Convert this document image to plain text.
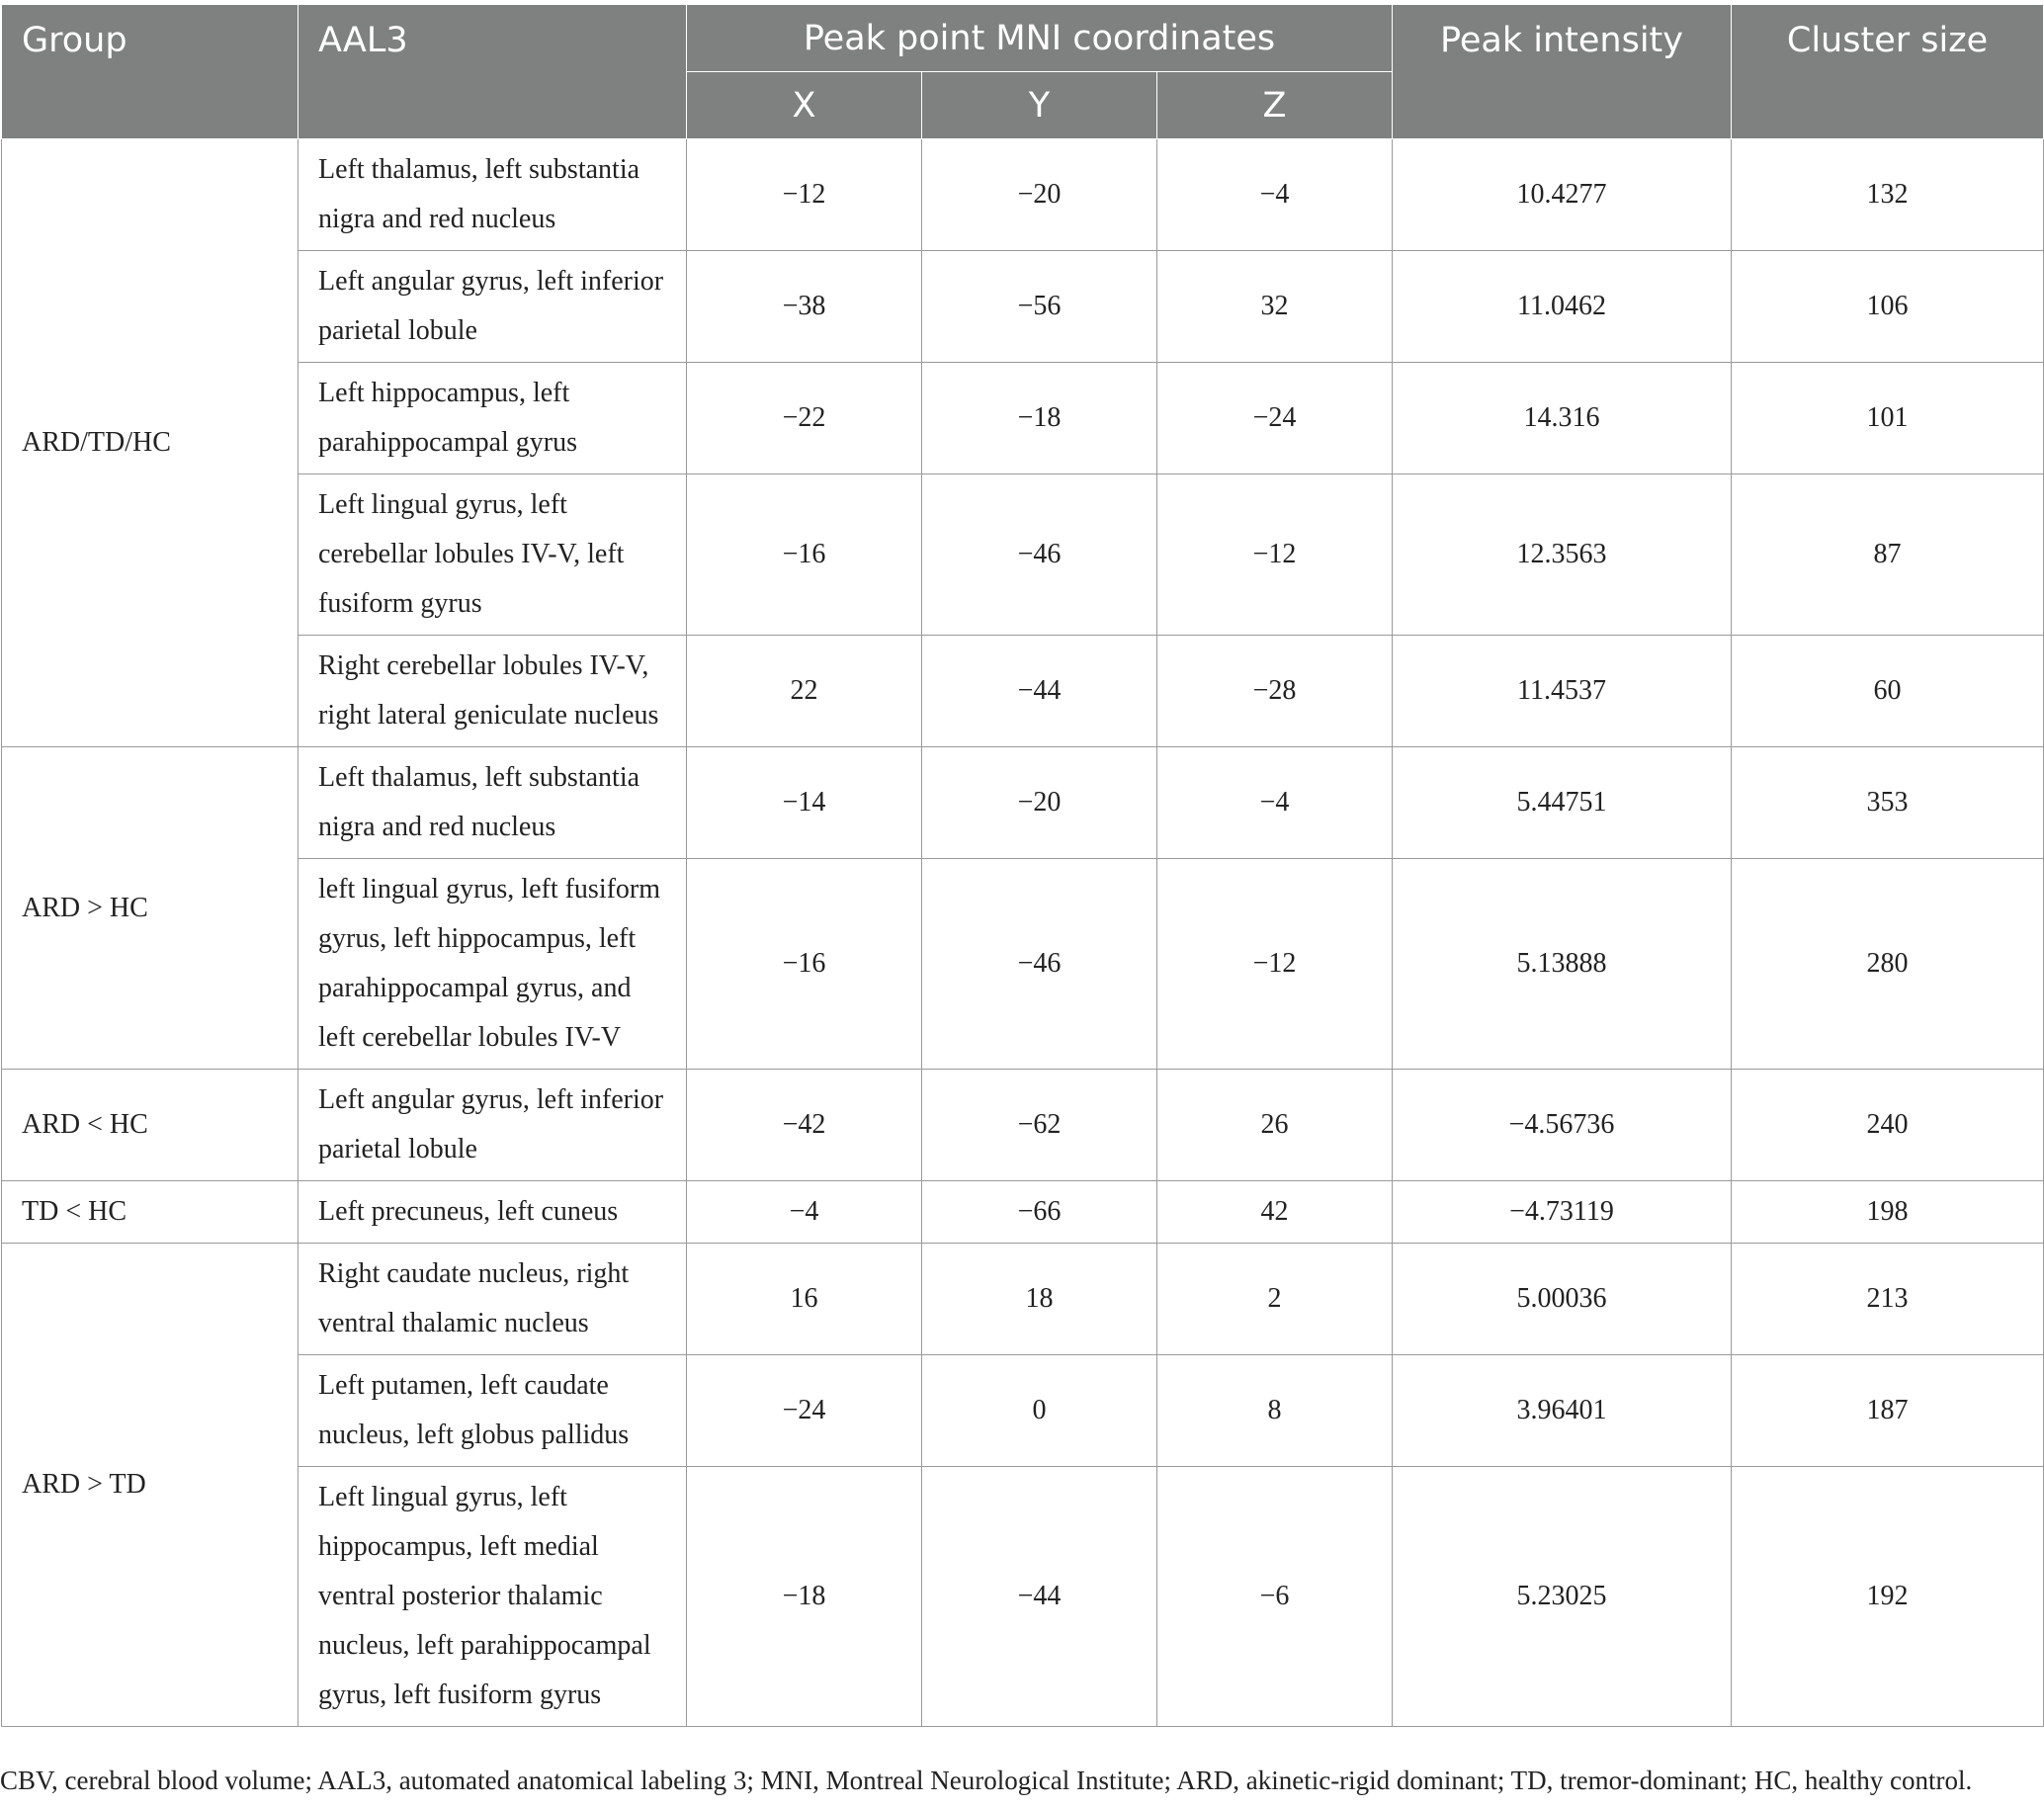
Group	AAL3	Peak point MNI coordinates			Peak intensity	Cluster size
		X	Y	Z		
ARD/TD/HC	Left thalamus, left substantia nigra and red nucleus	−12	−20	−4	10.4277	132
	Left angular gyrus, left inferior parietal lobule	−38	−56	32	11.0462	106
	Left hippocampus, left parahippocampal gyrus	−22	−18	−24	14.316	101
	Left lingual gyrus, left cerebellar lobules IV-V, left fusiform gyrus	−16	−46	−12	12.3563	87
	Right cerebellar lobules IV-V, right lateral geniculate nucleus	22	−44	−28	11.4537	60
ARD > HC	Left thalamus, left substantia nigra and red nucleus	−14	−20	−4	5.44751	353
	left lingual gyrus, left fusiform gyrus, left hippocampus, left parahippocampal gyrus, and left cerebellar lobules IV-V	−16	−46	−12	5.13888	280
ARD < HC	Left angular gyrus, left inferior parietal lobule	−42	−62	26	−4.56736	240
TD < HC	Left precuneus, left cuneus	−4	−66	42	−4.73119	198
ARD > TD	Right caudate nucleus, right ventral thalamic nucleus	16	18	2	5.00036	213
	Left putamen, left caudate nucleus, left globus pallidus	−24	0	8	3.96401	187
	Left lingual gyrus, left hippocampus, left medial ventral posterior thalamic nucleus, left parahippocampal gyrus, left fusiform gyrus	−18	−44	−6	5.23025	192
CBV, cerebral blood volume; AAL3, automated anatomical labeling 3; MNI, Montreal Neurological Institute; ARD, akinetic-rigid dominant; TD, tremor-dominant; HC, healthy control.
